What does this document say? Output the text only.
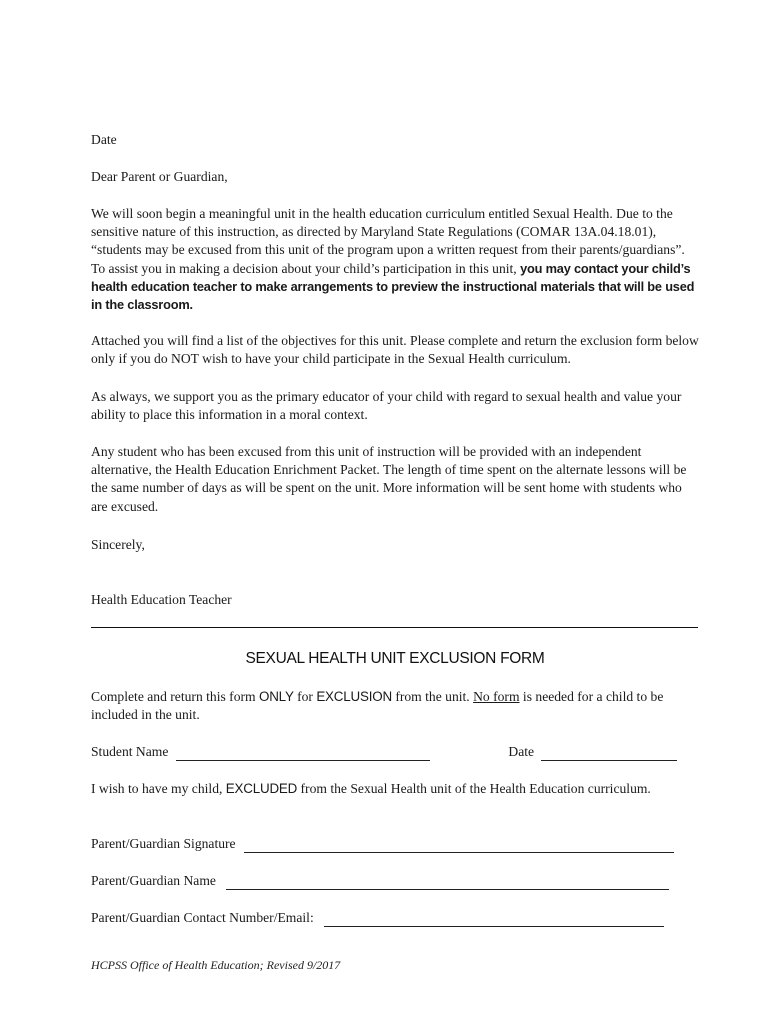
Date

Dear Parent or Guardian,

We will soon begin a meaningful unit in the health education curriculum entitled Sexual Health. Due to the sensitive nature of this instruction, as directed by Maryland State Regulations (COMAR 13A.04.18.01), “students may be excused from this unit of the program upon a written request from their parents/guardians”. To assist you in making a decision about your child’s participation in this unit, you may contact your child’s health education teacher to make arrangements to preview the instructional materials that will be used in the classroom.

Attached you will find a list of the objectives for this unit. Please complete and return the exclusion form below only if you do NOT wish to have your child participate in the Sexual Health curriculum.

As always, we support you as the primary educator of your child with regard to sexual health and value your ability to place this information in a moral context.

Any student who has been excused from this unit of instruction will be provided with an independent alternative, the Health Education Enrichment Packet. The length of time spent on the alternate lessons will be the same number of days as will be spent on the unit. More information will be sent home with students who are excused.

Sincerely,

Health Education Teacher

SEXUAL HEALTH UNIT EXCLUSION FORM

Complete and return this form ONLY for EXCLUSION from the unit. No form is needed for a child to be included in the unit.

Student Name	Date

I wish to have my child, EXCLUDED from the Sexual Health unit of the Health Education curriculum.

Parent/Guardian Signature
Parent/Guardian Name
Parent/Guardian Contact Number/Email:
HCPSS Office of Health Education; Revised 9/2017
